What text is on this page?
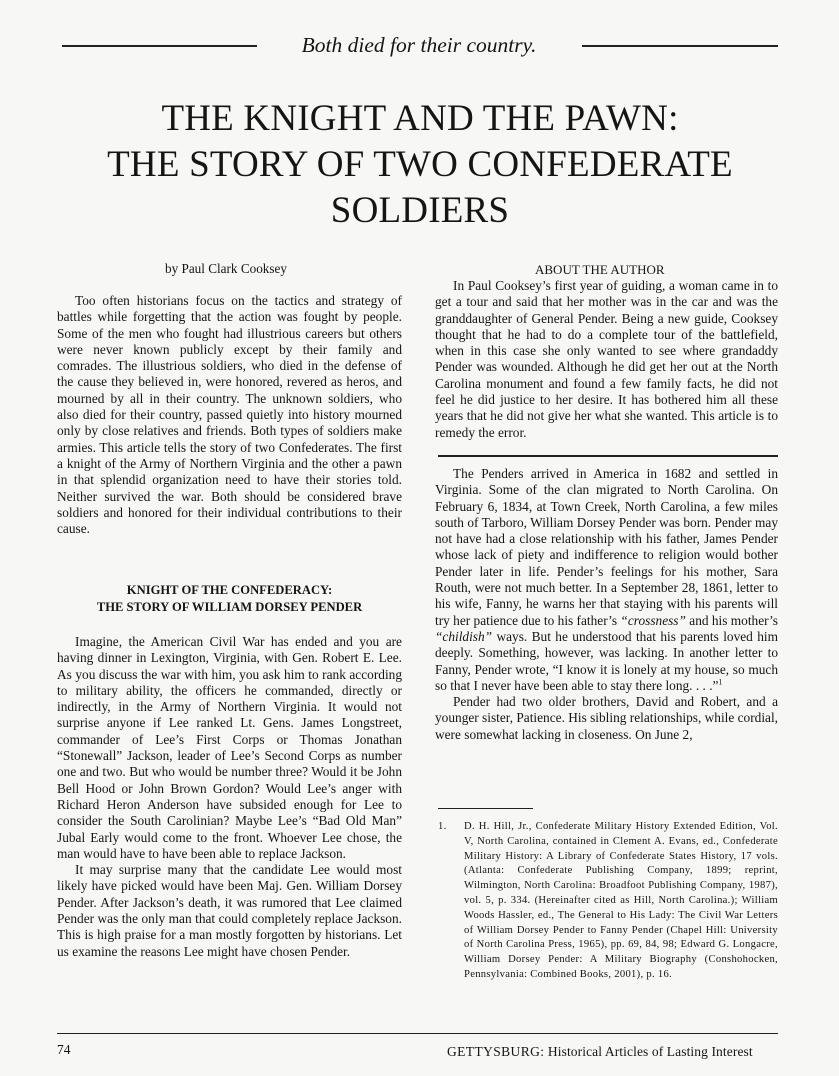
Both died for their country.
THE KNIGHT AND THE PAWN:
THE STORY OF TWO CONFEDERATE
SOLDIERS
by Paul Clark Cooksey

Too often historians focus on the tactics and strategy of battles while forgetting that the action was fought by people. Some of the men who fought had illustrious careers but others were never known publicly except by their family and comrades. The illustrious soldiers, who died in the defense of the cause they believed in, were honored, revered as heros, and mourned by all in their country. The unknown soldiers, who also died for their country, passed quietly into history mourned only by close relatives and friends. Both types of soldiers make armies. This article tells the story of two Confederates. The first a knight of the Army of Northern Virginia and the other a pawn in that splendid organization need to have their stories told. Neither survived the war. Both should be considered brave soldiers and honored for their individual contributions to their cause.

KNIGHT OF THE CONFEDERACY:
THE STORY OF WILLIAM DORSEY PENDER

Imagine, the American Civil War has ended and you are having dinner in Lexington, Virginia, with Gen. Robert E. Lee. As you discuss the war with him, you ask him to rank according to military ability, the officers he commanded, directly or indirectly, in the Army of Northern Virginia. It would not surprise anyone if Lee ranked Lt. Gens. James Longstreet, commander of Lee’s First Corps or Thomas Jonathan “Stonewall” Jackson, leader of Lee’s Second Corps as number one and two. But who would be number three? Would it be John Bell Hood or John Brown Gordon? Would Lee’s anger with Richard Heron Anderson have subsided enough for Lee to consider the South Carolinian? Maybe Lee’s “Bad Old Man” Jubal Early would come to the front. Whoever Lee chose, the man would have to have been able to replace Jackson.

It may surprise many that the candidate Lee would most likely have picked would have been Maj. Gen. William Dorsey Pender. After Jackson’s death, it was rumored that Lee claimed Pender was the only man that could completely replace Jackson. This is high praise for a man mostly forgotten by historians. Let us examine the reasons Lee might have chosen Pender.

ABOUT THE AUTHOR

In Paul Cooksey’s first year of guiding, a woman came in to get a tour and said that her mother was in the car and was the granddaughter of General Pender. Being a new guide, Cooksey thought that he had to do a complete tour of the battlefield, when in this case she only wanted to see where grandaddy Pender was wounded. Although he did get her out at the North Carolina monument and found a few family facts, he did not feel he did justice to her desire. It has bothered him all these years that he did not give her what she wanted. This article is to remedy the error.

The Penders arrived in America in 1682 and settled in Virginia. Some of the clan migrated to North Carolina. On February 6, 1834, at Town Creek, North Carolina, a few miles south of Tarboro, William Dorsey Pender was born. Pender may not have had a close relationship with his father, James Pender whose lack of piety and indifference to religion would bother Pender later in life. Pender’s feelings for his mother, Sara Routh, were not much better. In a September 28, 1861, letter to his wife, Fanny, he warns her that staying with his parents will try her patience due to his father’s “crossness” and his mother’s “childish” ways. But he understood that his parents loved him deeply. Something, however, was lacking. In another letter to Fanny, Pender wrote, “I know it is lonely at my house, so much so that I never have been able to stay there long. . . .”$^1$

Pender had two older brothers, David and Robert, and a younger sister, Patience. His sibling relationships, while cordial, were somewhat lacking in closeness. On June 2,

1. D. H. Hill, Jr., Confederate Military History Extended Edition, Vol. V, North Carolina, contained in Clement A. Evans, ed., Confederate Military History: A Library of Confederate States History, 17 vols. (Atlanta: Confederate Publishing Company, 1899; reprint, Wilmington, North Carolina: Broadfoot Publishing Company, 1987), vol. 5, p. 334. (Hereinafter cited as Hill, North Carolina.); William Woods Hassler, ed., The General to His Lady: The Civil War Letters of William Dorsey Pender to Fanny Pender (Chapel Hill: University of North Carolina Press, 1965), pp. 69, 84, 98; Edward G. Longacre, William Dorsey Pender: A Military Biography (Conshohocken, Pennsylvania: Combined Books, 2001), p. 16.
74	GETTYSBURG: Historical Articles of Lasting Interest
